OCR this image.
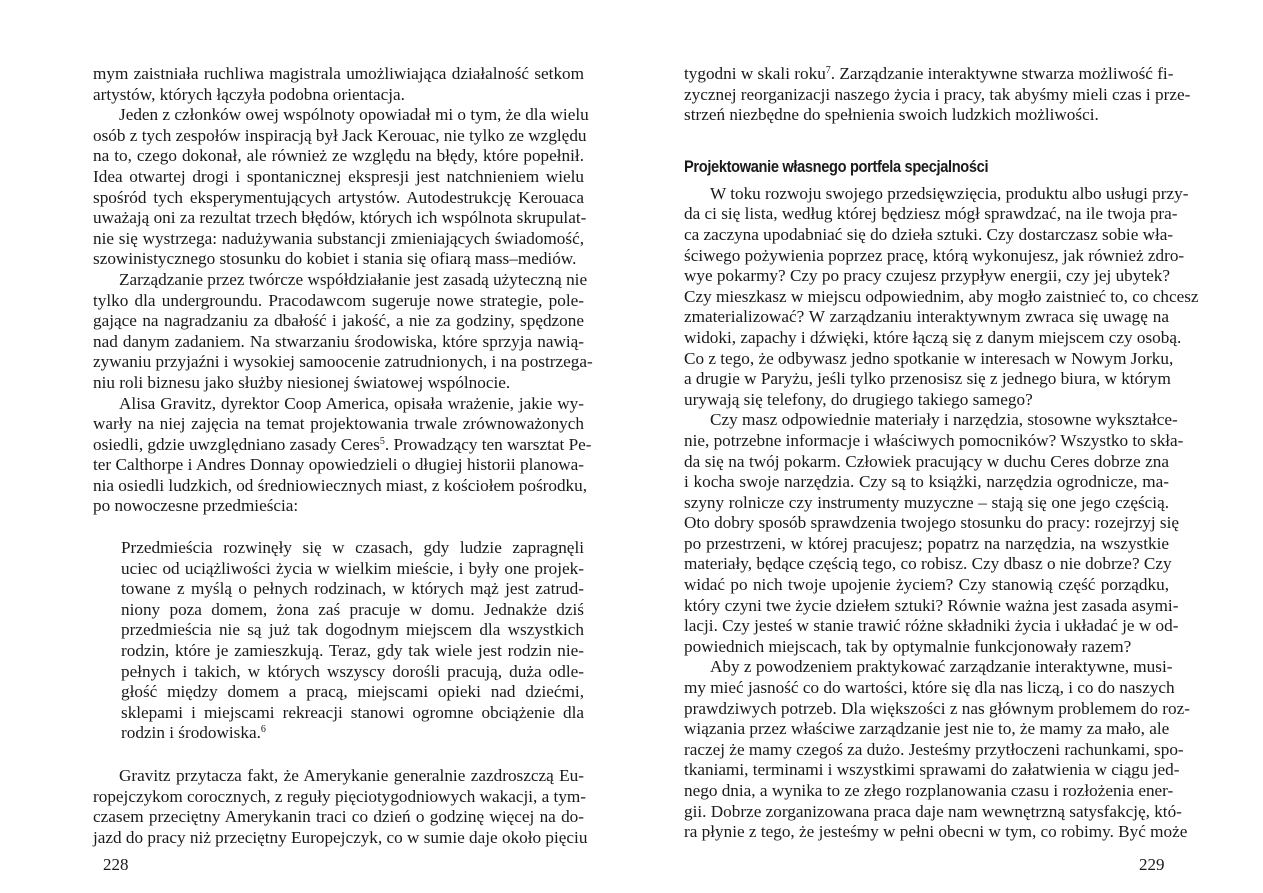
mym zaistniała ruchliwa magistrala umożliwiająca działalność setkom
artystów, których łączyła podobna orientacja.
Jeden z członków owej wspólnoty opowiadał mi o tym, że dla wielu
osób z tych zespołów inspiracją był Jack Kerouac, nie tylko ze względu
na to, czego dokonał, ale również ze względu na błędy, które popełnił.
Idea otwartej drogi i spontanicznej ekspresji jest natchnieniem wielu
spośród tych eksperymentujących artystów. Autodestrukcję Kerouaca
uważają oni za rezultat trzech błędów, których ich wspólnota skrupulat-
nie się wystrzega: nadużywania substancji zmieniających świadomość,
szowinistycznego stosunku do kobiet i stania się ofiarą mass–mediów.
Zarządzanie przez twórcze współdziałanie jest zasadą użyteczną nie
tylko dla undergroundu. Pracodawcom sugeruje nowe strategie, pole-
gające na nagradzaniu za dbałość i jakość, a nie za godziny, spędzone
nad danym zadaniem. Na stwarzaniu środowiska, które sprzyja nawią-
zywaniu przyjaźni i wysokiej samoocenie zatrudnionych, i na postrzega-
niu roli biznesu jako służby niesionej światowej wspólnocie.
Alisa Gravitz, dyrektor Coop America, opisała wrażenie, jakie wy-
warły na niej zajęcia na temat projektowania trwale zrównoważonych
osiedli, gdzie uwzględniano zasady Ceres$^5$. Prowadzący ten warsztat Pe-
ter Calthorpe i Andres Donnay opowiedzieli o długiej historii planowa-
nia osiedli ludzkich, od średniowiecznych miast, z kościołem pośrodku,
po nowoczesne przedmieścia:
Przedmieścia rozwinęły się w czasach, gdy ludzie zapragnęli
uciec od uciążliwości życia w wielkim mieście, i były one projek-
towane z myślą o pełnych rodzinach, w których mąż jest zatrud-
niony poza domem, żona zaś pracuje w domu. Jednakże dziś
przedmieścia nie są już tak dogodnym miejscem dla wszystkich
rodzin, które je zamieszkują. Teraz, gdy tak wiele jest rodzin nie-
pełnych i takich, w których wszyscy dorośli pracują, duża odle-
głość między domem a pracą, miejscami opieki nad dziećmi,
sklepami i miejscami rekreacji stanowi ogromne obciążenie dla
rodzin i środowiska.$^6$
Gravitz przytacza fakt, że Amerykanie generalnie zazdroszczą Eu-
ropejczykom corocznych, z reguły pięciotygodniowych wakacji, a tym-
czasem przeciętny Amerykanin traci co dzień o godzinę więcej na do-
jazd do pracy niż przeciętny Europejczyk, co w sumie daje około pięciu
228
tygodni w skali roku$^7$. Zarządzanie interaktywne stwarza możliwość fi-
zycznej reorganizacji naszego życia i pracy, tak abyśmy mieli czas i prze-
strzeń niezbędne do spełnienia swoich ludzkich możliwości.
Projektowanie własnego portfela specjalności
W toku rozwoju swojego przedsięwzięcia, produktu albo usługi przy-
da ci się lista, według której będziesz mógł sprawdzać, na ile twoja pra-
ca zaczyna upodabniać się do dzieła sztuki. Czy dostarczasz sobie wła-
ściwego pożywienia poprzez pracę, którą wykonujesz, jak również zdro-
wye pokarmy? Czy po pracy czujesz przypływ energii, czy jej ubytek?
Czy mieszkasz w miejscu odpowiednim, aby mogło zaistnieć to, co chcesz
zmaterializować? W zarządzaniu interaktywnym zwraca się uwagę na
widoki, zapachy i dźwięki, które łączą się z danym miejscem czy osobą.
Co z tego, że odbywasz jedno spotkanie w interesach w Nowym Jorku,
a drugie w Paryżu, jeśli tylko przenosisz się z jednego biura, w którym
urywają się telefony, do drugiego takiego samego?
Czy masz odpowiednie materiały i narzędzia, stosowne wykształce-
nie, potrzebne informacje i właściwych pomocników? Wszystko to skła-
da się na twój pokarm. Człowiek pracujący w duchu Ceres dobrze zna
i kocha swoje narzędzia. Czy są to książki, narzędzia ogrodnicze, ma-
szyny rolnicze czy instrumenty muzyczne – stają się one jego częścią.
Oto dobry sposób sprawdzenia twojego stosunku do pracy: rozejrzyj się
po przestrzeni, w której pracujesz; popatrz na narzędzia, na wszystkie
materiały, będące częścią tego, co robisz. Czy dbasz o nie dobrze? Czy
widać po nich twoje upojenie życiem? Czy stanowią część porządku,
który czyni twe życie dziełem sztuki? Równie ważna jest zasada asymi-
lacji. Czy jesteś w stanie trawić różne składniki życia i układać je w od-
powiednich miejscach, tak by optymalnie funkcjonowały razem?
Aby z powodzeniem praktykować zarządzanie interaktywne, musi-
my mieć jasność co do wartości, które się dla nas liczą, i co do naszych
prawdziwych potrzeb. Dla większości z nas głównym problemem do roz-
wiązania przez właściwe zarządzanie jest nie to, że mamy za mało, ale
raczej że mamy czegoś za dużo. Jesteśmy przytłoczeni rachunkami, spo-
tkaniami, terminami i wszystkimi sprawami do załatwienia w ciągu jed-
nego dnia, a wynika to ze złego rozplanowania czasu i rozłożenia ener-
gii. Dobrze zorganizowana praca daje nam wewnętrzną satysfakcję, któ-
ra płynie z tego, że jesteśmy w pełni obecni w tym, co robimy. Być może
229
